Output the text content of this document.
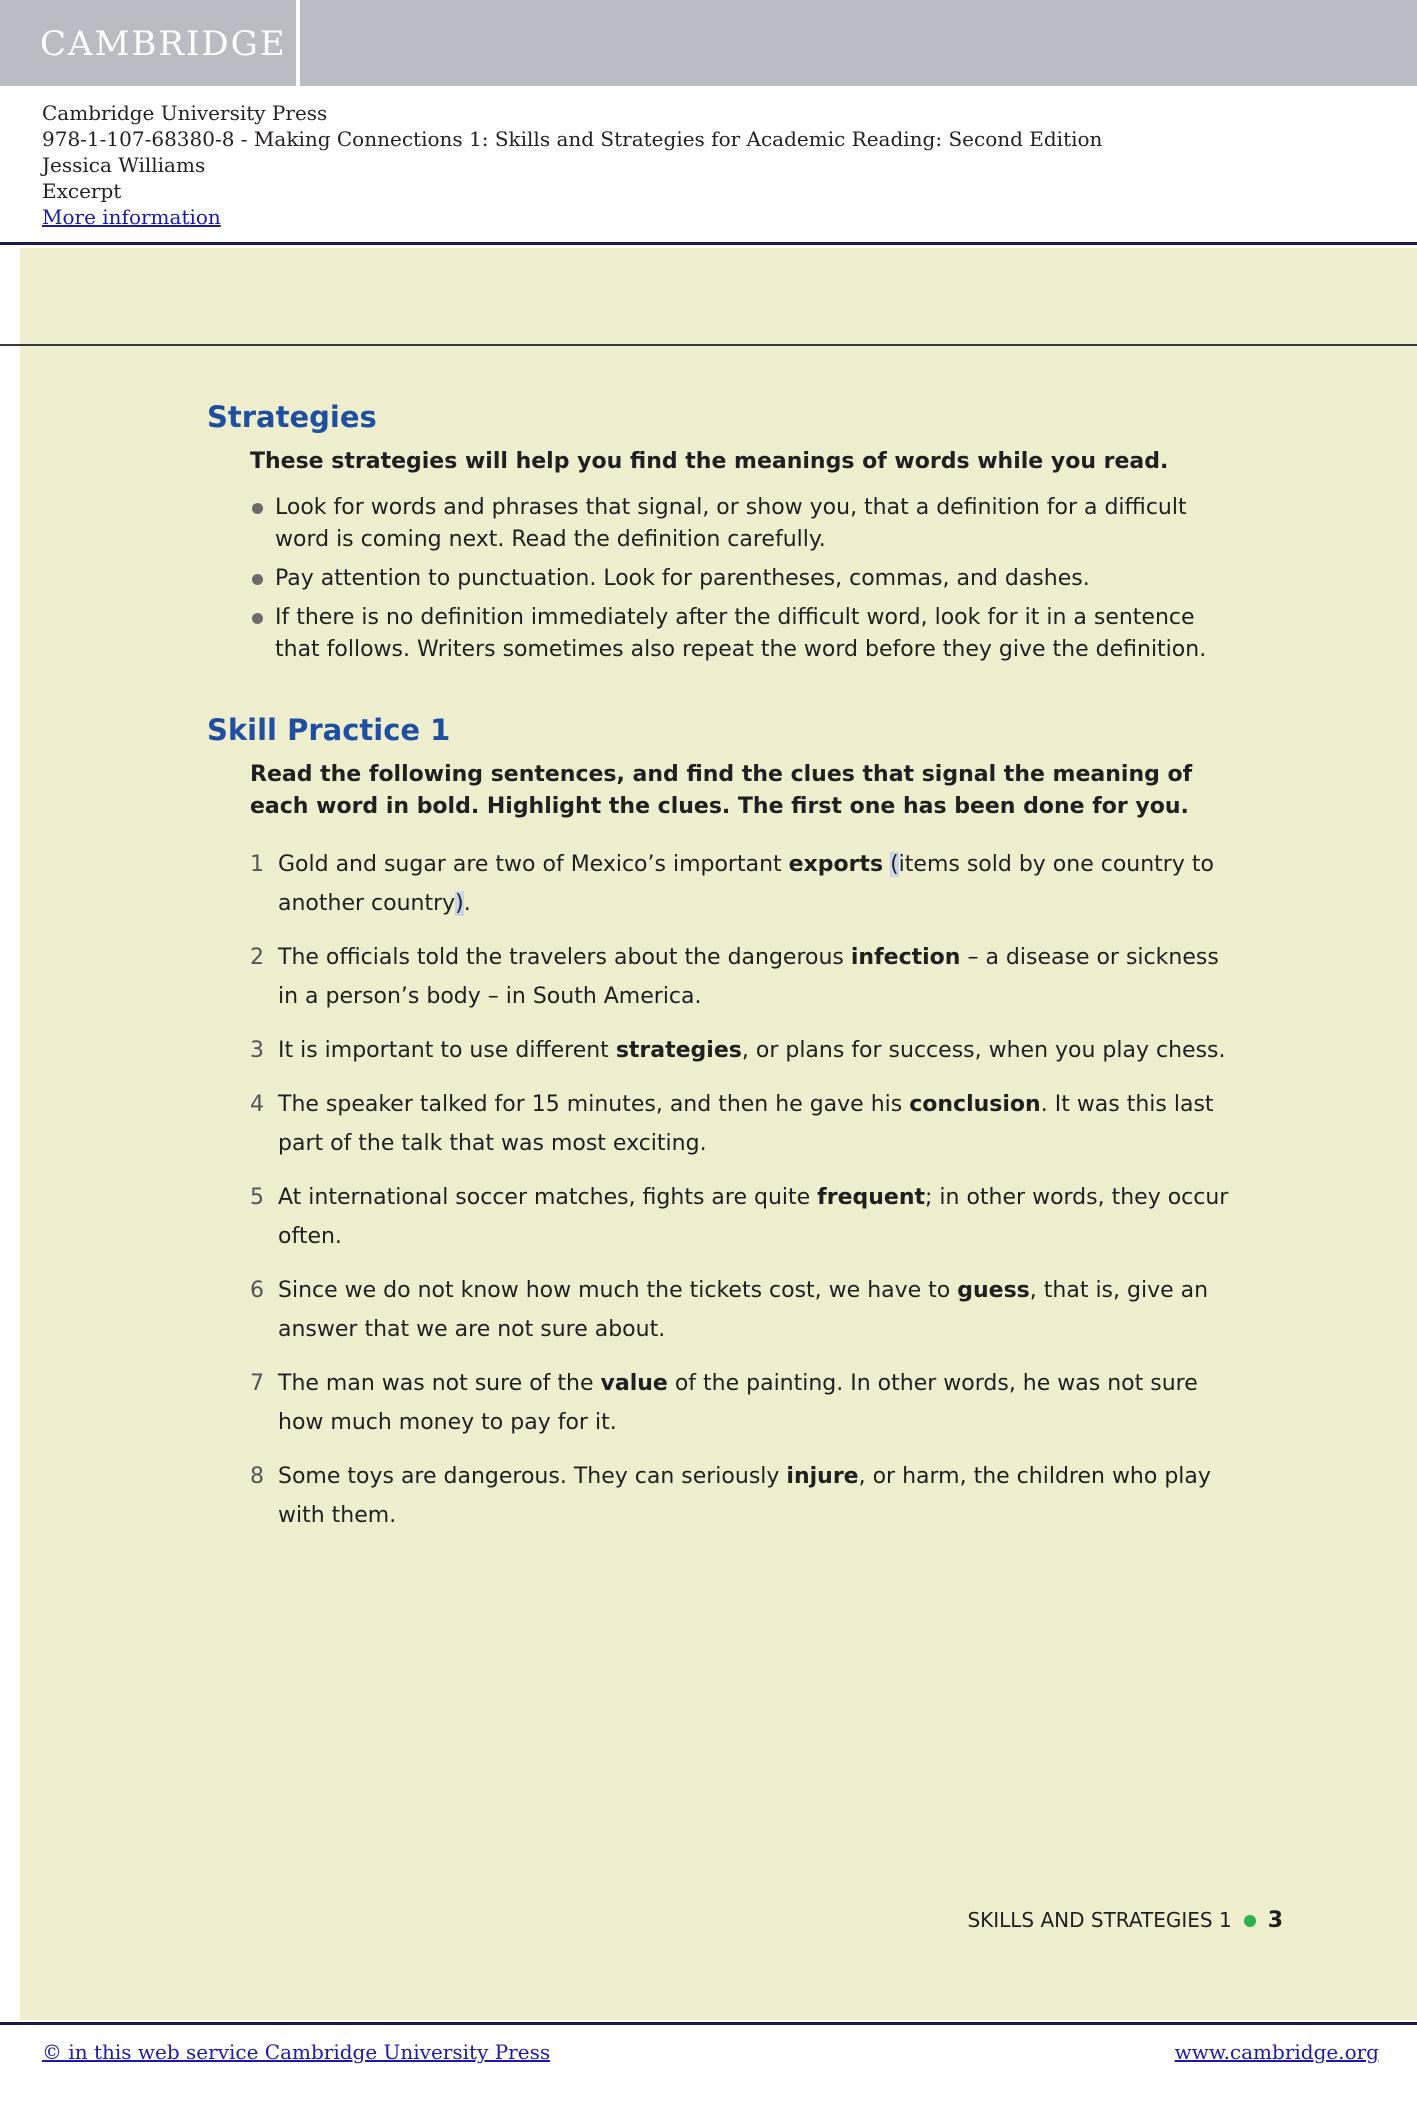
CAMBRIDGE
Cambridge University Press
978-1-107-68380-8 - Making Connections 1: Skills and Strategies for Academic Reading: Second Edition
Jessica Williams
Excerpt
More information
Strategies
These strategies will help you find the meanings of words while you read.
Look for words and phrases that signal, or show you, that a definition for a difficult word is coming next. Read the definition carefully.
Pay attention to punctuation. Look for parentheses, commas, and dashes.
If there is no definition immediately after the difficult word, look for it in a sentence that follows. Writers sometimes also repeat the word before they give the definition.
Skill Practice 1
Read the following sentences, and find the clues that signal the meaning of each word in bold. Highlight the clues. The first one has been done for you.
1 Gold and sugar are two of Mexico’s important exports (items sold by one country to another country).
2 The officials told the travelers about the dangerous infection – a disease or sickness in a person’s body – in South America.
3 It is important to use different strategies, or plans for success, when you play chess.
4 The speaker talked for 15 minutes, and then he gave his conclusion. It was this last part of the talk that was most exciting.
5 At international soccer matches, fights are quite frequent; in other words, they occur often.
6 Since we do not know how much the tickets cost, we have to guess, that is, give an answer that we are not sure about.
7 The man was not sure of the value of the painting. In other words, he was not sure how much money to pay for it.
8 Some toys are dangerous. They can seriously injure, or harm, the children who play with them.
SKILLS AND STRATEGIES 1 3
© in this web service Cambridge University Press	www.cambridge.org
